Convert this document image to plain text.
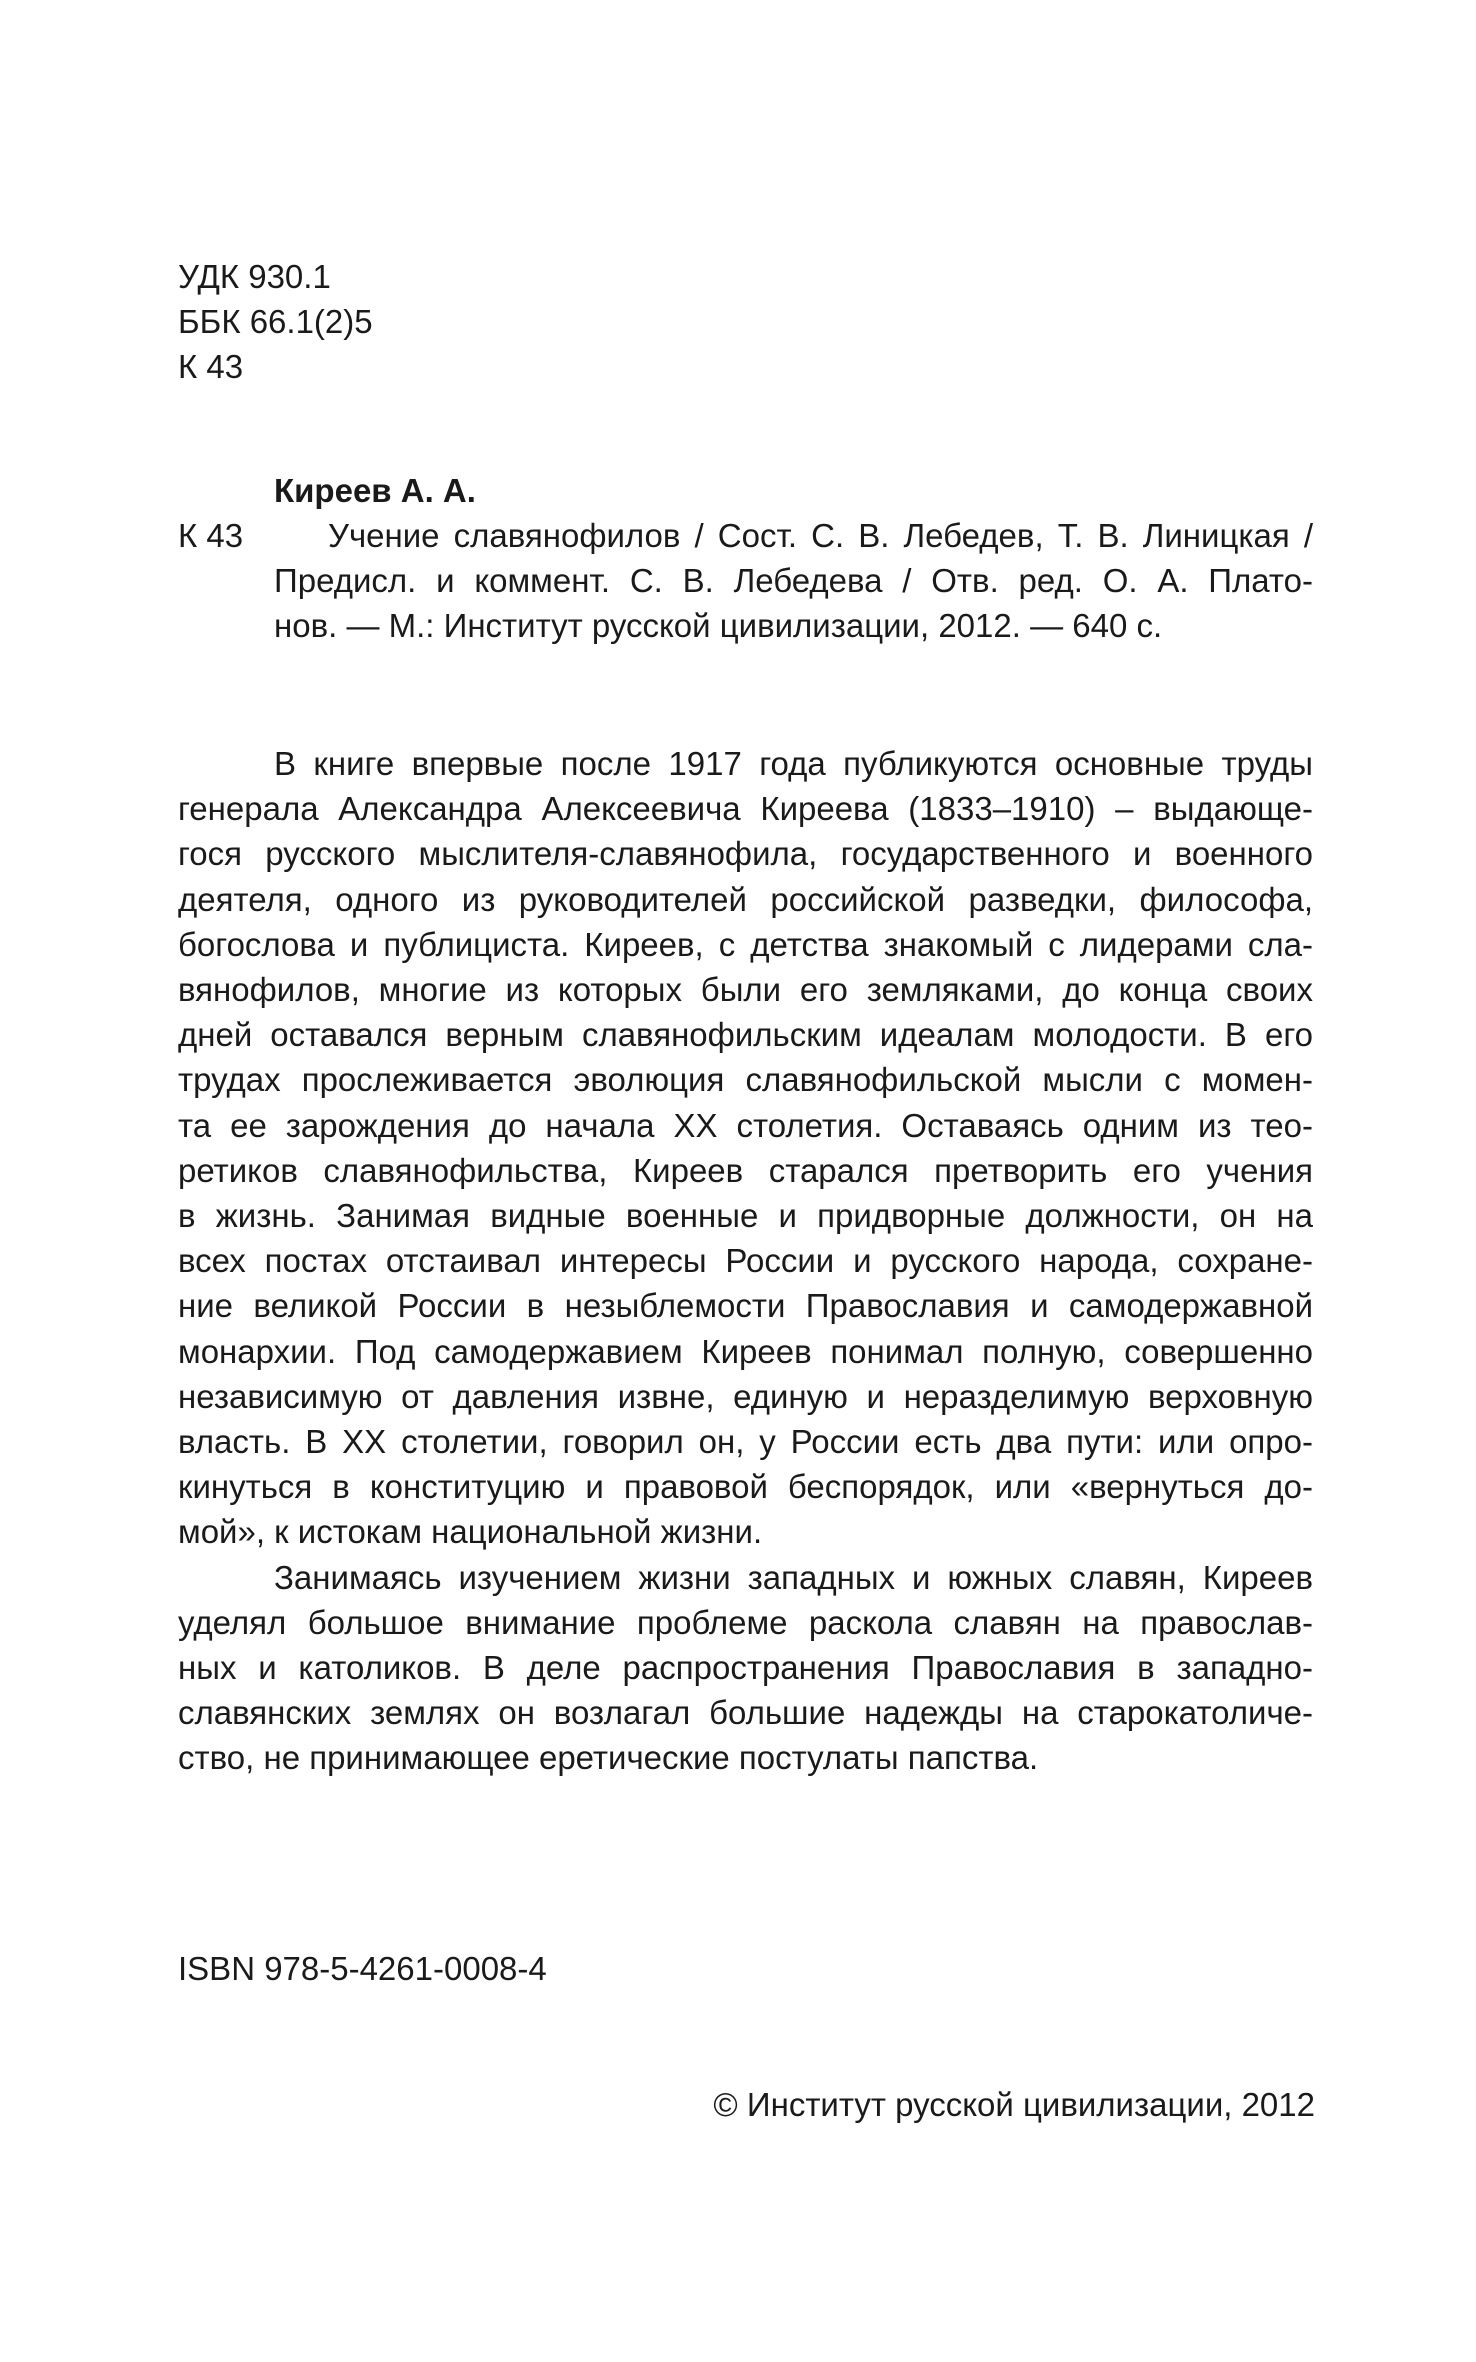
УДК 930.1
ББК 66.1(2)5
К 43
Киреев А. А.
К 43	Учение славянофилов / Сост. С. В. Лебедев, Т. В. Линицкая /
Предисл. и коммент. С. В. Лебедева / Отв. ред. О. А. Плато-
нов. — М.: Институт русской цивилизации, 2012. — 640 с.
В книге впервые после 1917 года публикуются основные труды
генерала Александра Алексеевича Киреева (1833–1910) – выдающе-
гося русского мыслителя-славянофила, государственного и военного
деятеля, одного из руководителей российской разведки, философа,
богослова и публициста. Киреев, с детства знакомый с лидерами сла-
вянофилов, многие из которых были его земляками, до конца своих
дней оставался верным славянофильским идеалам молодости. В его
трудах прослеживается эволюция славянофильской мысли с момен-
та ее зарождения до начала XX столетия. Оставаясь одним из тео-
ретиков славянофильства, Киреев старался претворить его учения
в жизнь. Занимая видные военные и придворные должности, он на
всех постах отстаивал интересы России и русского народа, сохране-
ние великой России в незыблемости Православия и самодержавной
монархии. Под самодержавием Киреев понимал полную, совершенно
независимую от давления извне, единую и неразделимую верховную
власть. В XX столетии, говорил он, у России есть два пути: или опро-
кинуться в конституцию и правовой беспорядок, или «вернуться до-
мой», к истокам национальной жизни.
Занимаясь изучением жизни западных и южных славян, Киреев
уделял большое внимание проблеме раскола славян на православ-
ных и католиков. В деле распространения Православия в западно-
славянских землях он возлагал большие надежды на старокатоличе-
ство, не принимающее еретические постулаты папства.
ISBN 978-5-4261-0008-4
© Институт русской цивилизации, 2012
